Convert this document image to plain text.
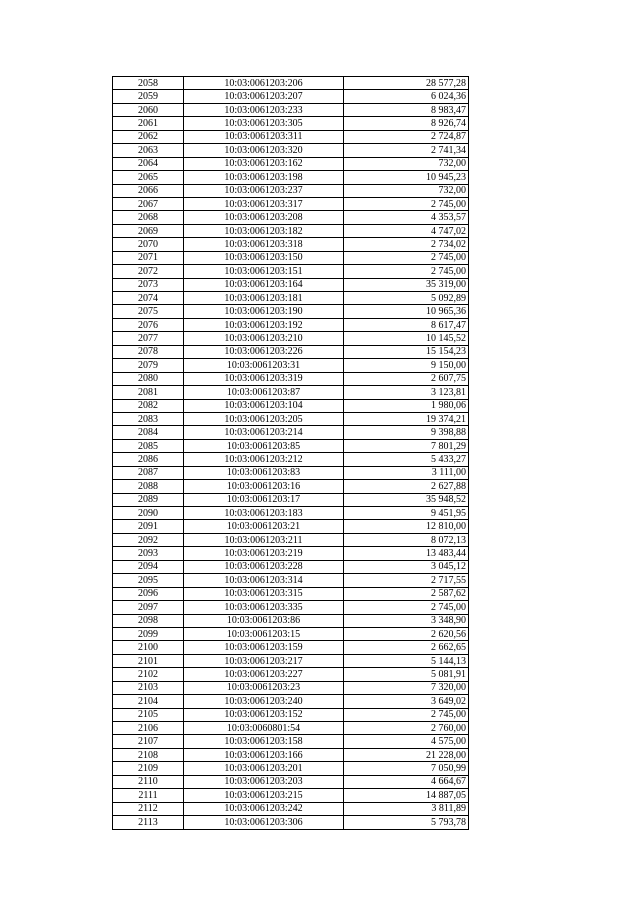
2058	10:03:0061203:206	28 577,28
2059	10:03:0061203:207	6 024,36
2060	10:03:0061203:233	8 983,47
2061	10:03:0061203:305	8 926,74
2062	10:03:0061203:311	2 724,87
2063	10:03:0061203:320	2 741,34
2064	10:03:0061203:162	732,00
2065	10:03:0061203:198	10 945,23
2066	10:03:0061203:237	732,00
2067	10:03:0061203:317	2 745,00
2068	10:03:0061203:208	4 353,57
2069	10:03:0061203:182	4 747,02
2070	10:03:0061203:318	2 734,02
2071	10:03:0061203:150	2 745,00
2072	10:03:0061203:151	2 745,00
2073	10:03:0061203:164	35 319,00
2074	10:03:0061203:181	5 092,89
2075	10:03:0061203:190	10 965,36
2076	10:03:0061203:192	8 617,47
2077	10:03:0061203:210	10 145,52
2078	10:03:0061203:226	15 154,23
2079	10:03:0061203:31	9 150,00
2080	10:03:0061203:319	2 607,75
2081	10:03:0061203:87	3 123,81
2082	10:03:0061203:104	1 980,06
2083	10:03:0061203:205	19 374,21
2084	10:03:0061203:214	9 398,88
2085	10:03:0061203:85	7 801,29
2086	10:03:0061203:212	5 433,27
2087	10:03:0061203:83	3 111,00
2088	10:03:0061203:16	2 627,88
2089	10:03:0061203:17	35 948,52
2090	10:03:0061203:183	9 451,95
2091	10:03:0061203:21	12 810,00
2092	10:03:0061203:211	8 072,13
2093	10:03:0061203:219	13 483,44
2094	10:03:0061203:228	3 045,12
2095	10:03:0061203:314	2 717,55
2096	10:03:0061203:315	2 587,62
2097	10:03:0061203:335	2 745,00
2098	10:03:0061203:86	3 348,90
2099	10:03:0061203:15	2 620,56
2100	10:03:0061203:159	2 662,65
2101	10:03:0061203:217	5 144,13
2102	10:03:0061203:227	5 081,91
2103	10:03:0061203:23	7 320,00
2104	10:03:0061203:240	3 649,02
2105	10:03:0061203:152	2 745,00
2106	10:03:0060801:54	2 760,00
2107	10:03:0061203:158	4 575,00
2108	10:03:0061203:166	21 228,00
2109	10:03:0061203:201	7 050,99
2110	10:03:0061203:203	4 664,67
2111	10:03:0061203:215	14 887,05
2112	10:03:0061203:242	3 811,89
2113	10:03:0061203:306	5 793,78
